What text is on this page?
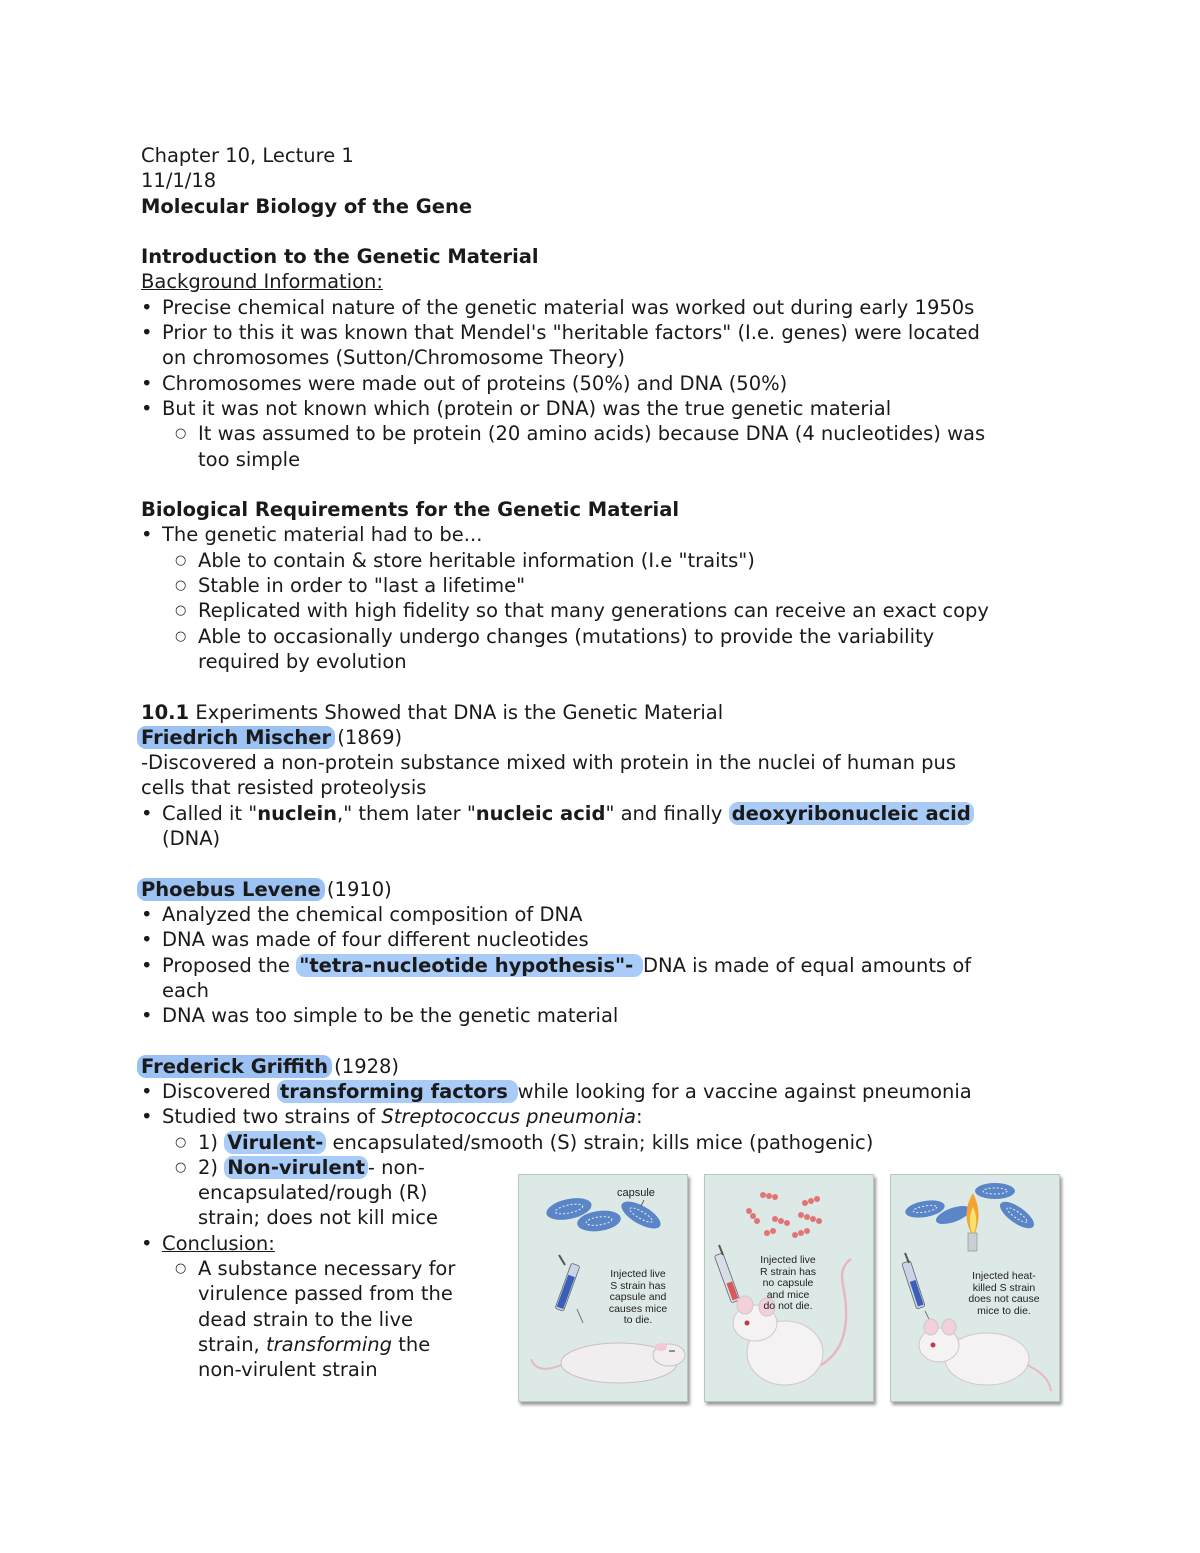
Chapter 10, Lecture 1
11/1/18
Molecular Biology of the Gene
Introduction to the Genetic Material
Background Information:
• Precise chemical nature of the genetic material was worked out during early 1950s
• Prior to this it was known that Mendel's "heritable factors" (I.e. genes) were located
on chromosomes (Sutton/Chromosome Theory)
• Chromosomes were made out of proteins (50%) and DNA (50%)
• But it was not known which (protein or DNA) was the true genetic material
○ It was assumed to be protein (20 amino acids) because DNA (4 nucleotides) was
too simple
Biological Requirements for the Genetic Material
• The genetic material had to be...
○ Able to contain & store heritable information (I.e "traits")
○ Stable in order to "last a lifetime"
○ Replicated with high fidelity so that many generations can receive an exact copy
○ Able to occasionally undergo changes (mutations) to provide the variability
required by evolution
10.1 Experiments Showed that DNA is the Genetic Material
Friedrich Mischer (1869)
-Discovered a non-protein substance mixed with protein in the nuclei of human pus
cells that resisted proteolysis
• Called it "nuclein," them later "nucleic acid" and finally deoxyribonucleic acid
(DNA)
Phoebus Levene (1910)
• Analyzed the chemical composition of DNA
• DNA was made of four different nucleotides
• Proposed the "tetra-nucleotide hypothesis"- DNA is made of equal amounts of
each
• DNA was too simple to be the genetic material
Frederick Griffith (1928)
• Discovered transforming factors while looking for a vaccine against pneumonia
• Studied two strains of Streptococcus pneumonia:
○ 1) Virulent- encapsulated/smooth (S) strain; kills mice (pathogenic)
○ 2) Non-virulent - non-
encapsulated/rough (R)
strain; does not kill mice
• Conclusion:
○ A substance necessary for
virulence passed from the
dead strain to the live
strain, transforming the
non-virulent strain
capsule
Injected live
S strain has
capsule and
causes mice
to die.
Injected live
R strain has
no capsule
and mice
do not die.
Injected heat-
killed S strain
does not cause
mice to die.
